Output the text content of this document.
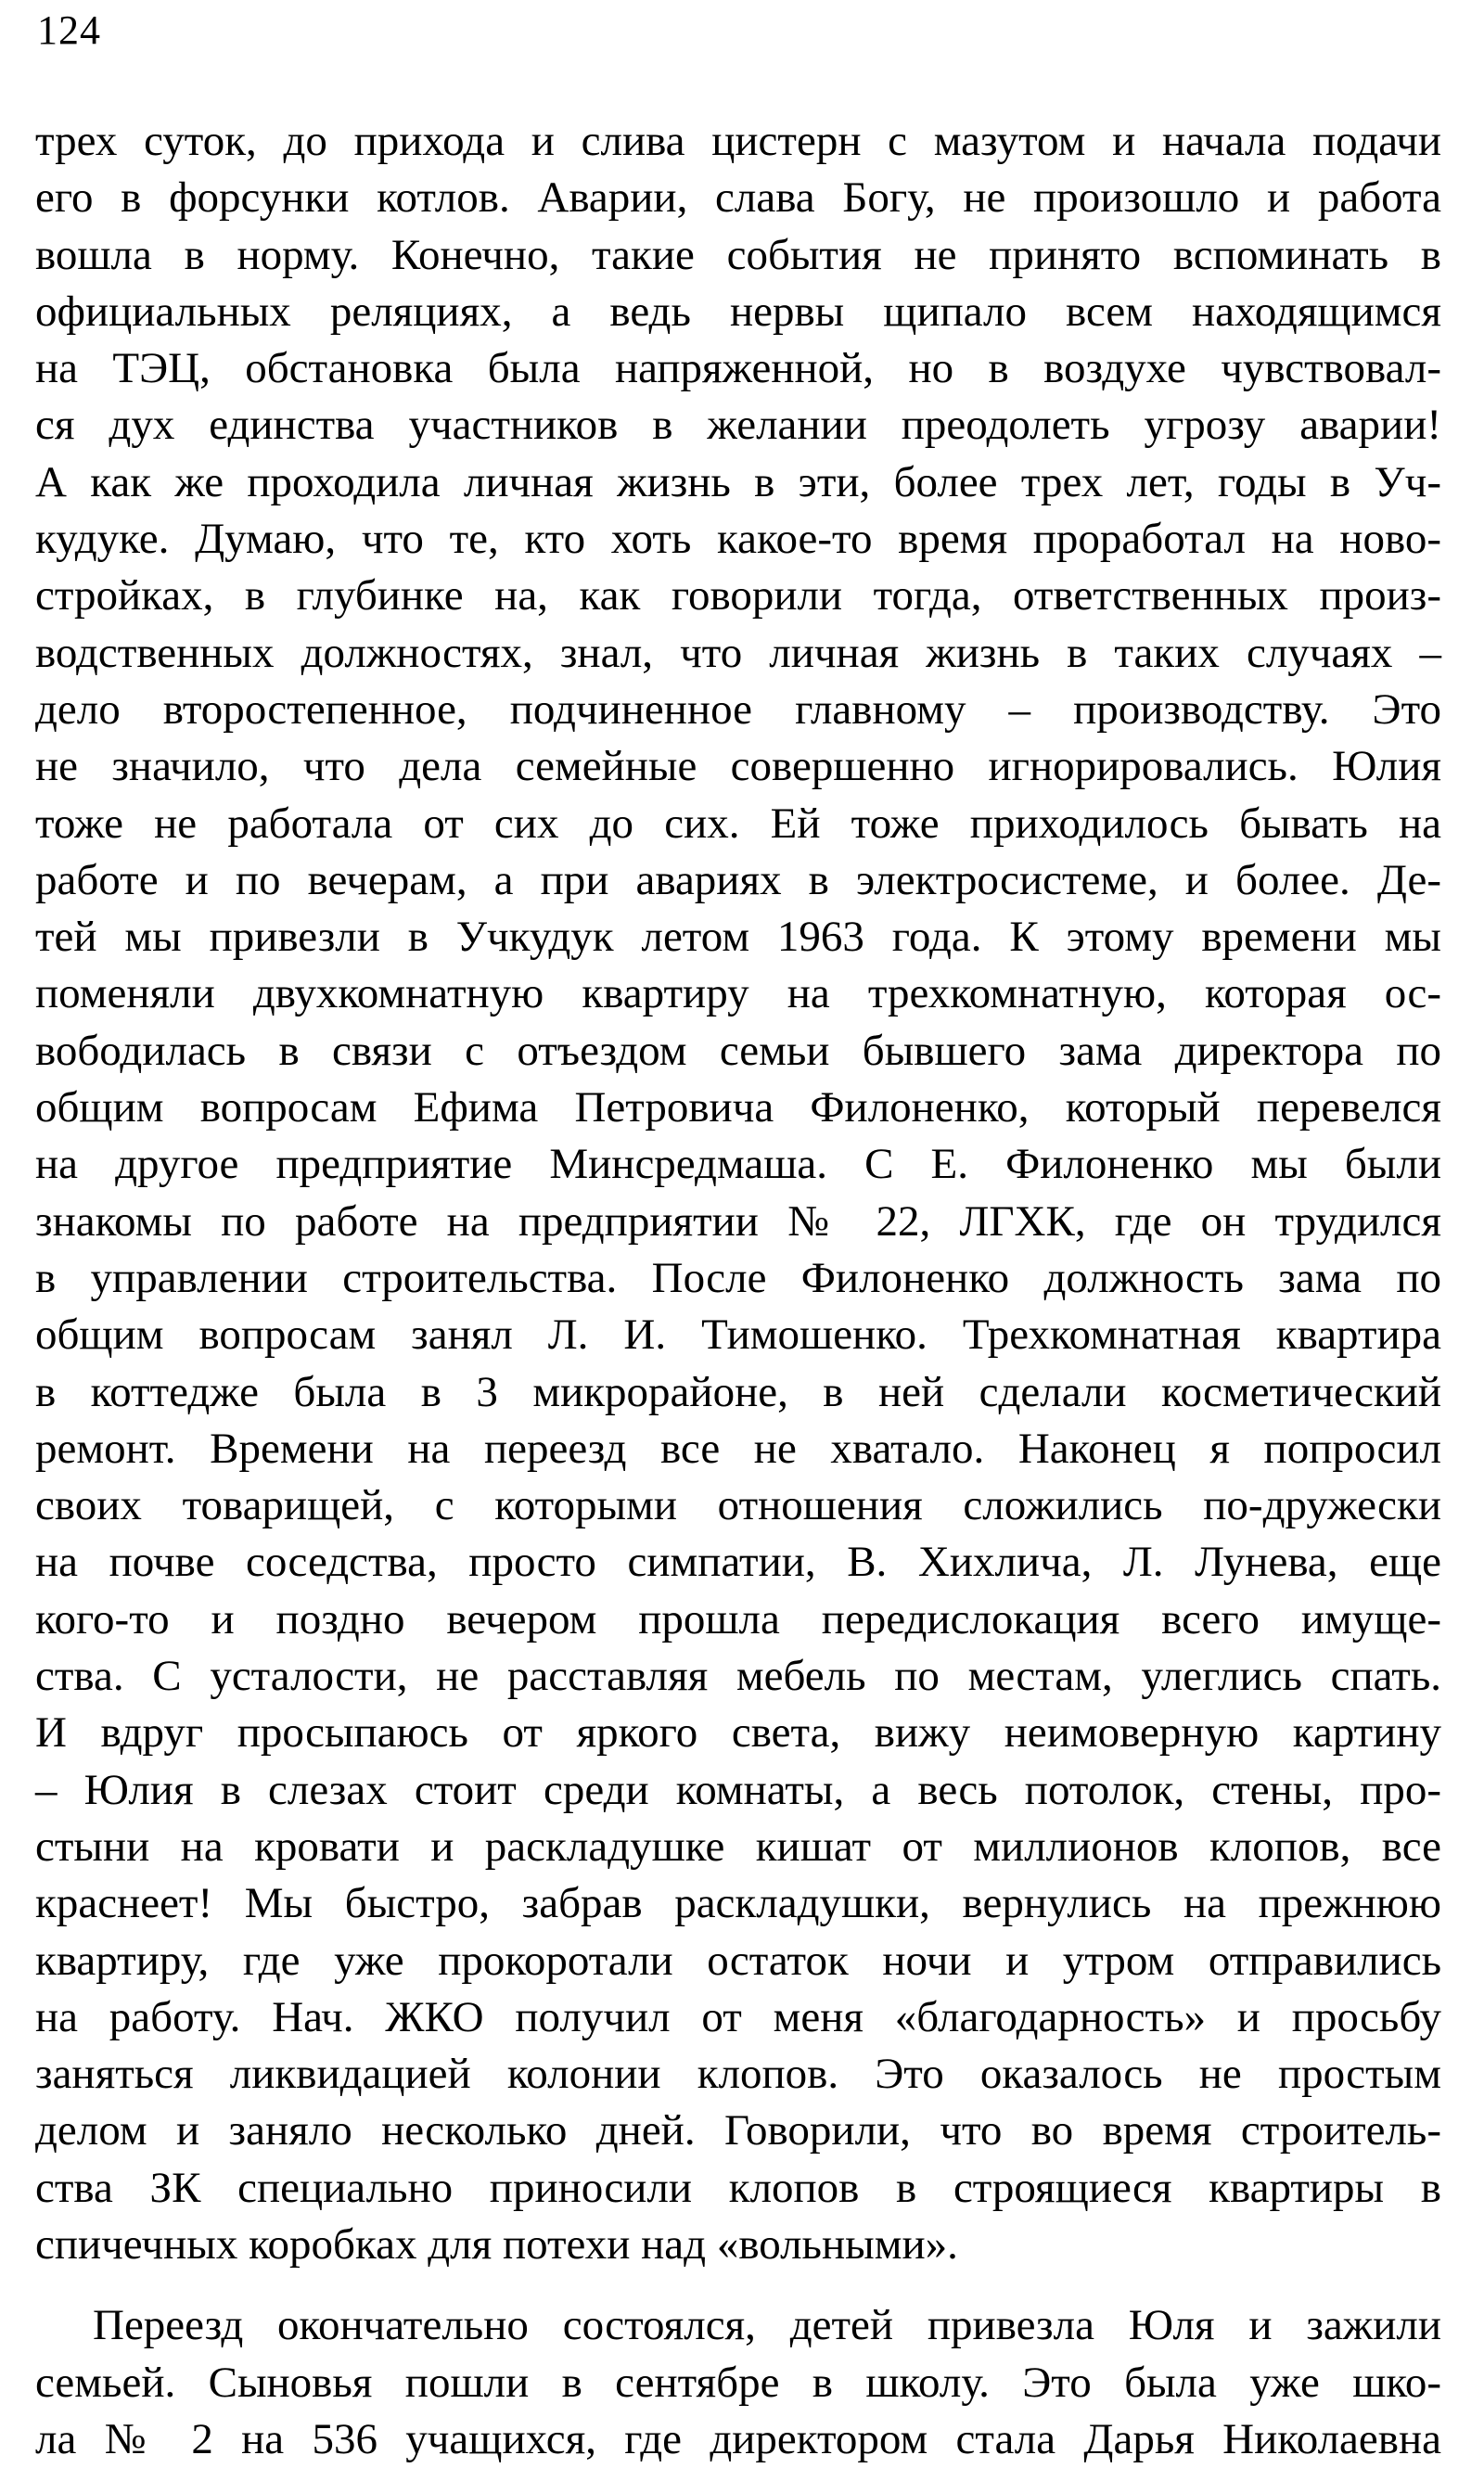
124
трех суток, до прихода и слива цистерн с мазутом и начала подачи
его в форсунки котлов. Аварии, слава Богу, не произошло и работа
вошла в норму. Конечно, такие события не принято вспоминать в
официальных реляциях, а ведь нервы щипало всем находящимся
на ТЭЦ, обстановка была напряженной, но в воздухе чувствовал-
ся дух единства участников в желании преодолеть угрозу аварии!
А как же проходила личная жизнь в эти, более трех лет, годы в Уч-
кудуке. Думаю, что те, кто хоть какое-то время проработал на ново-
стройках, в глубинке на, как говорили тогда, ответственных произ-
водственных должностях, знал, что личная жизнь в таких случаях –
дело второстепенное, подчиненное главному – производству. Это
не значило, что дела семейные совершенно игнорировались. Юлия
тоже не работала от сих до сих. Ей тоже приходилось бывать на
работе и по вечерам, а при авариях в электросистеме, и более. Де-
тей мы привезли в Учкудук летом 1963 года. К этому времени мы
поменяли двухкомнатную квартиру на трехкомнатную, которая ос-
вободилась в связи с отъездом семьи бывшего зама директора по
общим вопросам Ефима Петровича Филоненко, который перевелся
на другое предприятие Минсредмаша. С Е. Филоненко мы были
знакомы по работе на предприятии № 22, ЛГХК, где он трудился
в управлении строительства. После Филоненко должность зама по
общим вопросам занял Л. И. Тимошенко. Трехкомнатная квартира
в коттедже была в 3 микрорайоне, в ней сделали косметический
ремонт. Времени на переезд все не хватало. Наконец я попросил
своих товарищей, с которыми отношения сложились по-дружески
на почве соседства, просто симпатии, В. Хихлича, Л. Лунева, еще
кого-то и поздно вечером прошла передислокация всего имуще-
ства. С усталости, не расставляя мебель по местам, улеглись спать.
И вдруг просыпаюсь от яркого света, вижу неимоверную картину
– Юлия в слезах стоит среди комнаты, а весь потолок, стены, про-
стыни на кровати и раскладушке кишат от миллионов клопов, все
краснеет! Мы быстро, забрав раскладушки, вернулись на прежнюю
квартиру, где уже прокоротали остаток ночи и утром отправились
на работу. Нач. ЖКО получил от меня «благодарность» и просьбу
заняться ликвидацией колонии клопов. Это оказалось не простым
делом и заняло несколько дней. Говорили, что во время строитель-
ства ЗК специально приносили клопов в строящиеся квартиры в
спичечных коробках для потехи над «вольными».
Переезд окончательно состоялся, детей привезла Юля и зажили
семьей. Сыновья пошли в сентябре в школу. Это была уже шко-
ла № 2 на 536 учащихся, где директором стала Дарья Николаевна
